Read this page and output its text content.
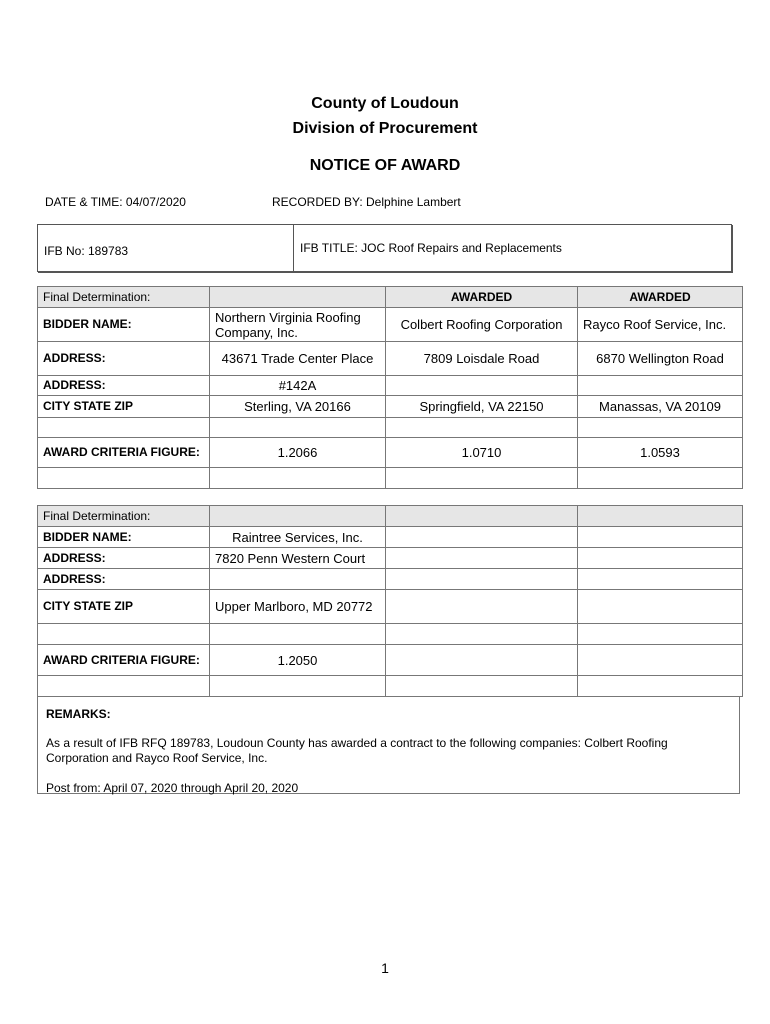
County of Loudoun
Division of Procurement
NOTICE OF AWARD
DATE & TIME: 04/07/2020	RECORDED BY: Delphine Lambert
IFB No: 189783	IFB TITLE: JOC Roof Repairs and Replacements
Final Determination:		AWARDED	AWARDED
BIDDER NAME:	Northern Virginia Roofing Company, Inc.	Colbert Roofing Corporation	Rayco Roof Service, Inc.
ADDRESS:	43671 Trade Center Place	7809 Loisdale Road	6870 Wellington Road
ADDRESS:	#142A		
CITY STATE ZIP	Sterling, VA 20166	Springfield, VA 22150	Manassas, VA 20109

AWARD CRITERIA FIGURE:	1.2066	1.0710	1.0593

Final Determination:			
BIDDER NAME:	Raintree Services, Inc.		
ADDRESS:	7820 Penn Western Court		
ADDRESS:			
CITY STATE ZIP	Upper Marlboro, MD 20772		

AWARD CRITERIA FIGURE:	1.2050		

REMARKS:
As a result of IFB RFQ 189783, Loudoun County has awarded a contract to the following companies: Colbert Roofing Corporation and Rayco Roof Service, Inc.
Post from: April 07, 2020 through April 20, 2020
1
